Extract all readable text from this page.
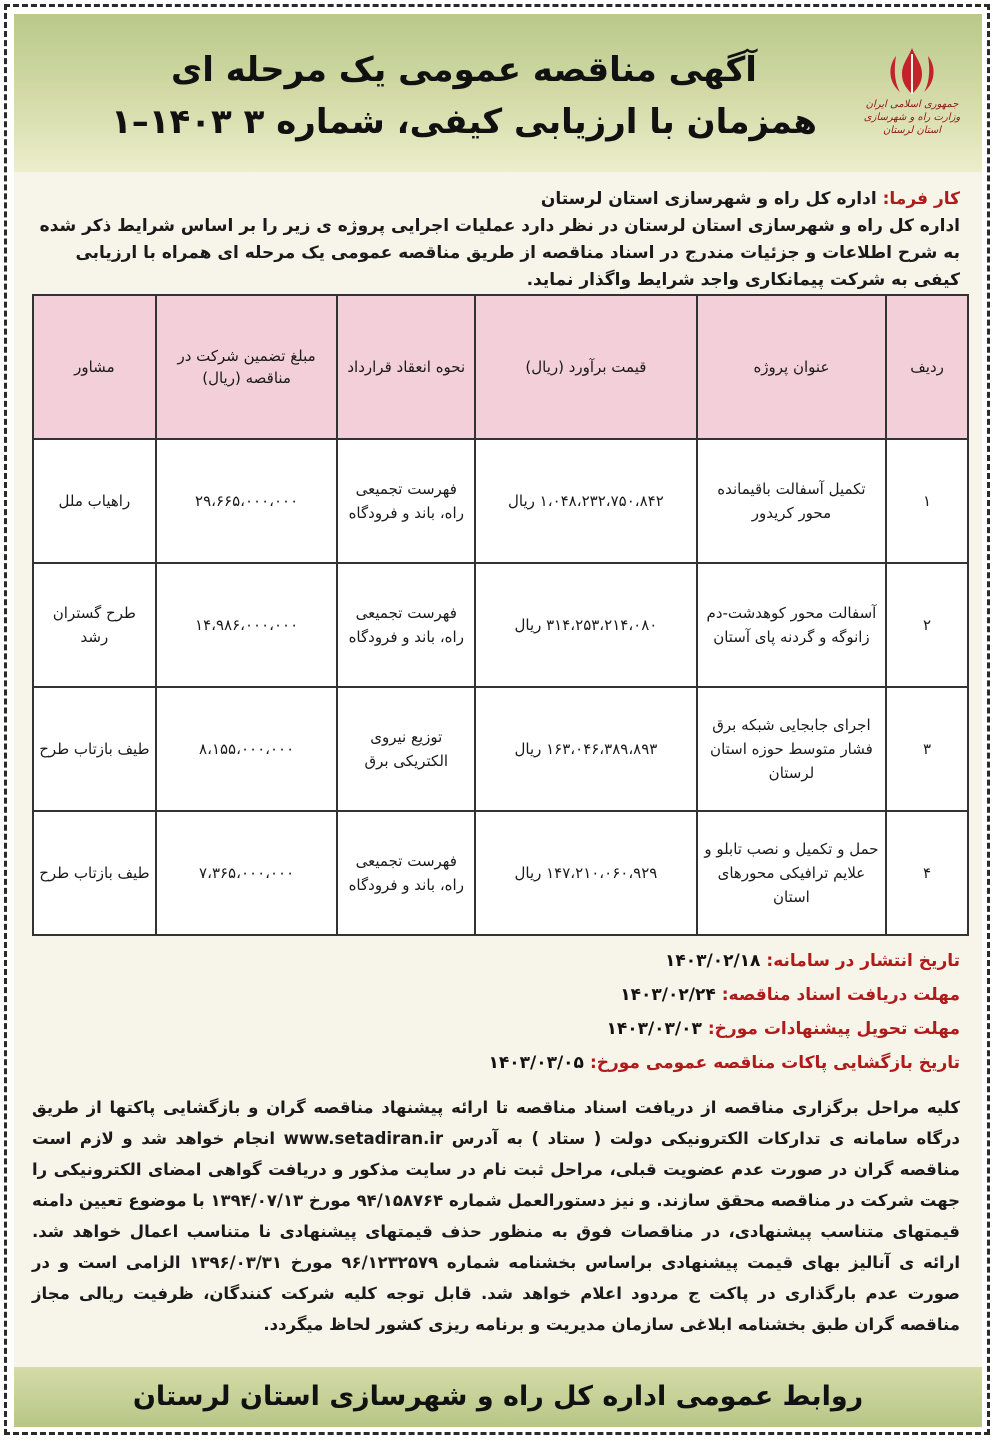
آگهی مناقصه عمومی یک مرحله ای
همزمان با ارزیابی کیفی، شماره ۳ ۱۴۰۳–۱	جمهوری اسلامی ایران
وزارت راه و شهرسازی
استان لرستان
کار فرما: اداره کل راه و شهرسازی استان لرستان
اداره کل راه و شهرسازی استان لرستان در نظر دارد عملیات اجرایی پروژه ی زیر را بر اساس شرایط ذکر شده به شرح اطلاعات و جزئیات مندرج در اسناد مناقصه از طریق مناقصه عمومی یک مرحله ای همراه با ارزیابی کیفی به شرکت پیمانکاری واجد شرایط واگذار نماید.
ردیف	عنوان پروژه	قیمت برآورد (ریال)	نحوه انعقاد قرارداد	مبلغ تضمین شرکت در مناقصه (ریال)	مشاور
۱	تکمیل آسفالت باقیمانده محور کریدور	۱،۰۴۸،۲۳۲،۷۵۰،۸۴۲ ریال	فهرست تجمیعی راه، باند و فرودگاه	۲۹،۶۶۵،۰۰۰،۰۰۰	راهیاب ملل
۲	آسفالت محور کوهدشت-دم زانوگه و گردنه پای آستان	۳۱۴،۲۵۳،۲۱۴،۰۸۰ ریال	فهرست تجمیعی راه، باند و فرودگاه	۱۴،۹۸۶،۰۰۰،۰۰۰	طرح گستران رشد
۳	اجرای جابجایی شبکه برق فشار متوسط حوزه استان لرستان	۱۶۳،۰۴۶،۳۸۹،۸۹۳ ریال	توزیع نیروی الکتریکی برق	۸،۱۵۵،۰۰۰،۰۰۰	طیف بازتاب طرح
۴	حمل و تکمیل و نصب تابلو و علایم ترافیکی محورهای استان	۱۴۷،۲۱۰،۰۶۰،۹۲۹ ریال	فهرست تجمیعی راه، باند و فرودگاه	۷،۳۶۵،۰۰۰،۰۰۰	طیف بازتاب طرح
تاریخ انتشار در سامانه:۱۴۰۳/۰۲/۱۸
مهلت دریافت اسناد مناقصه:۱۴۰۳/۰۲/۲۴
مهلت تحویل پیشنهادات مورخ:۱۴۰۳/۰۳/۰۳
تاریخ بازگشایی پاکات مناقصه عمومی مورخ:۱۴۰۳/۰۳/۰۵
کلیه مراحل برگزاری مناقصه از دریافت اسناد مناقصه تا ارائه پیشنهاد مناقصه گران و بازگشایی پاکتها از طریق درگاه سامانه ی تدارکات الکترونیکی دولت ( ستاد ) به آدرس www.setadiran.ir انجام خواهد شد و لازم است مناقصه گران در صورت عدم عضویت قبلی، مراحل ثبت نام در سایت مذکور و دریافت گواهی امضای الکترونیکی را جهت شرکت در مناقصه محقق سازند. و نیز دستورالعمل شماره ۹۴/۱۵۸۷۶۴ مورخ ۱۳۹۴/۰۷/۱۳ با موضوع تعیین دامنه قیمتهای متناسب پیشنهادی، در مناقصات فوق به منظور حذف قیمتهای پیشنهادی نا متناسب اعمال خواهد شد. ارائه ی آنالیز بهای قیمت پیشنهادی براساس بخشنامه شماره ۹۶/۱۲۳۲۵۷۹ مورخ ۱۳۹۶/۰۳/۳۱ الزامی است و در صورت عدم بارگذاری در پاکت ج مردود اعلام خواهد شد. قابل توجه کلیه شرکت کنندگان، ظرفیت ریالی مجاز مناقصه گران طبق بخشنامه ابلاغی سازمان مدیریت و برنامه ریزی کشور لحاظ میگردد.
روابط عمومی اداره کل راه و شهرسازی استان لرستان
